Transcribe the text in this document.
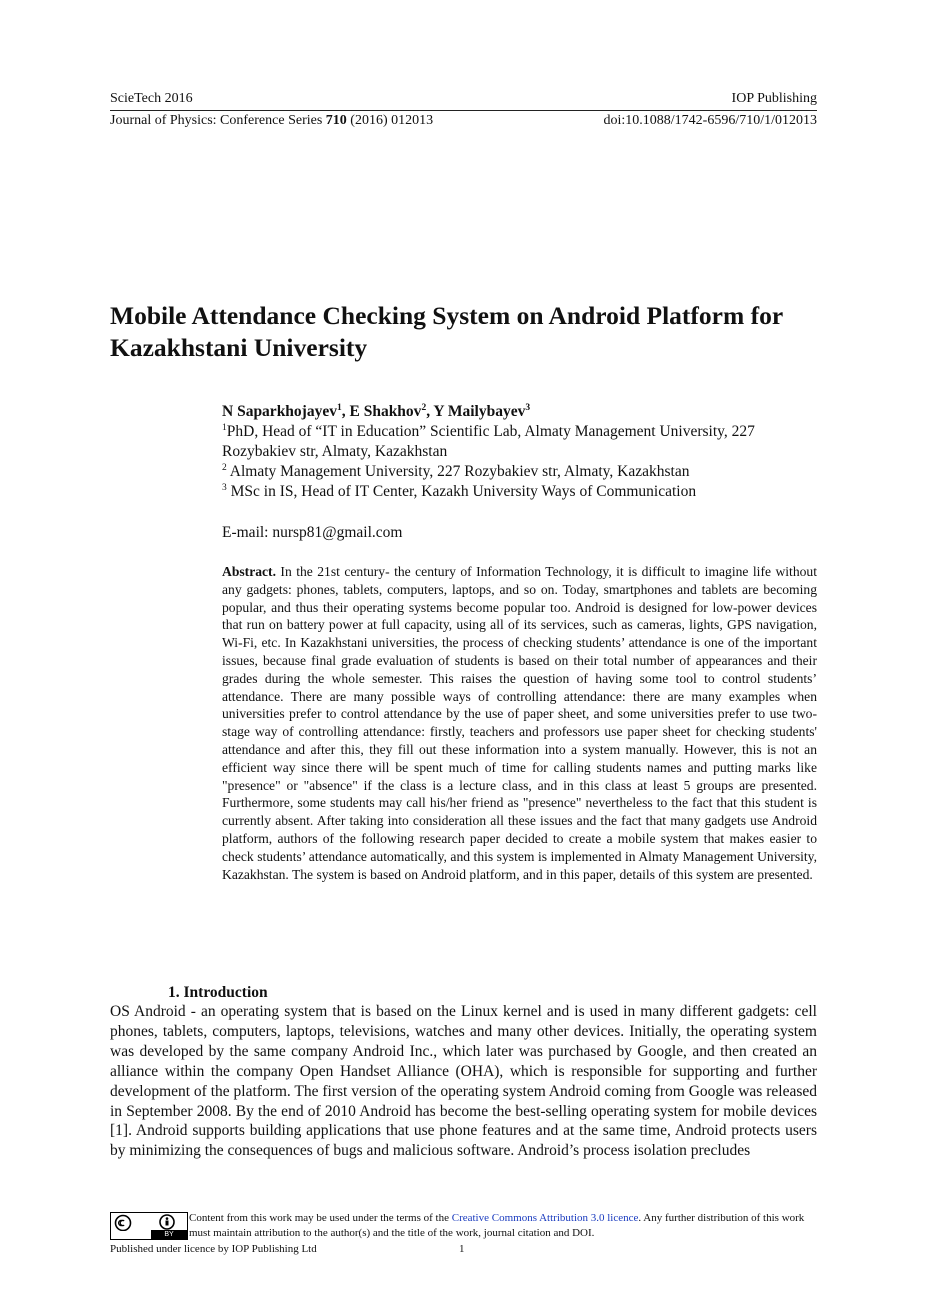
ScieTech 2016	IOP Publishing
Journal of Physics: Conference Series 710 (2016) 012013	doi:10.1088/1742-6596/710/1/012013
Mobile Attendance Checking System on Android Platform for Kazakhstani University
N Saparkhojayev$^1$, E Shakhov$^2$, Y Mailybayev$^3$
$^1$PhD, Head of “IT in Education” Scientific Lab, Almaty Management University, 227 Rozybakiev str, Almaty, Kazakhstan
$^2$ Almaty Management University, 227 Rozybakiev str, Almaty, Kazakhstan
$^3$ MSc in IS, Head of IT Center, Kazakh University Ways of Communication
E-mail: nursp81@gmail.com
Abstract. In the 21st century- the century of Information Technology, it is difficult to imagine life without any gadgets: phones, tablets, computers, laptops, and so on. Today, smartphones and tablets are becoming popular, and thus their operating systems become popular too. Android is designed for low-power devices that run on battery power at full capacity, using all of its services, such as cameras, lights, GPS navigation, Wi-Fi, etc. In Kazakhstani universities, the process of checking students’ attendance is one of the important issues, because final grade evaluation of students is based on their total number of appearances and their grades during the whole semester. This raises the question of having some tool to control students’ attendance. There are many possible ways of controlling attendance: there are many examples when universities prefer to control attendance by the use of paper sheet, and some universities prefer to use two-stage way of controlling attendance: firstly, teachers and professors use paper sheet for checking students' attendance and after this, they fill out these information into a system manually. However, this is not an efficient way since there will be spent much of time for calling students names and putting marks like "presence" or "absence" if the class is a lecture class, and in this class at least 5 groups are presented. Furthermore, some students may call his/her friend as "presence" nevertheless to the fact that this student is currently absent. After taking into consideration all these issues and the fact that many gadgets use Android platform, authors of the following research paper decided to create a mobile system that makes easier to check students’ attendance automatically, and this system is implemented in Almaty Management University, Kazakhstan. The system is based on Android platform, and in this paper, details of this system are presented.
1. Introduction
OS Android - an operating system that is based on the Linux kernel and is used in many different gadgets: cell phones, tablets, computers, laptops, televisions, watches and many other devices. Initially, the operating system was developed by the same company Android Inc., which later was purchased by Google, and then created an alliance within the company Open Handset Alliance (OHA), which is responsible for supporting and further development of the platform. The first version of the operating system Android coming from Google was released in September 2008. By the end of 2010 Android has become the best-selling operating system for mobile devices [1]. Android supports building applications that use phone features and at the same time, Android protects users by minimizing the consequences of bugs and malicious software. Android’s process isolation precludes
BY
Content from this work may be used under the terms of the Creative Commons Attribution 3.0 licence. Any further distribution of this work must maintain attribution to the author(s) and the title of the work, journal citation and DOI.
Published under licence by IOP Publishing Ltd	1
